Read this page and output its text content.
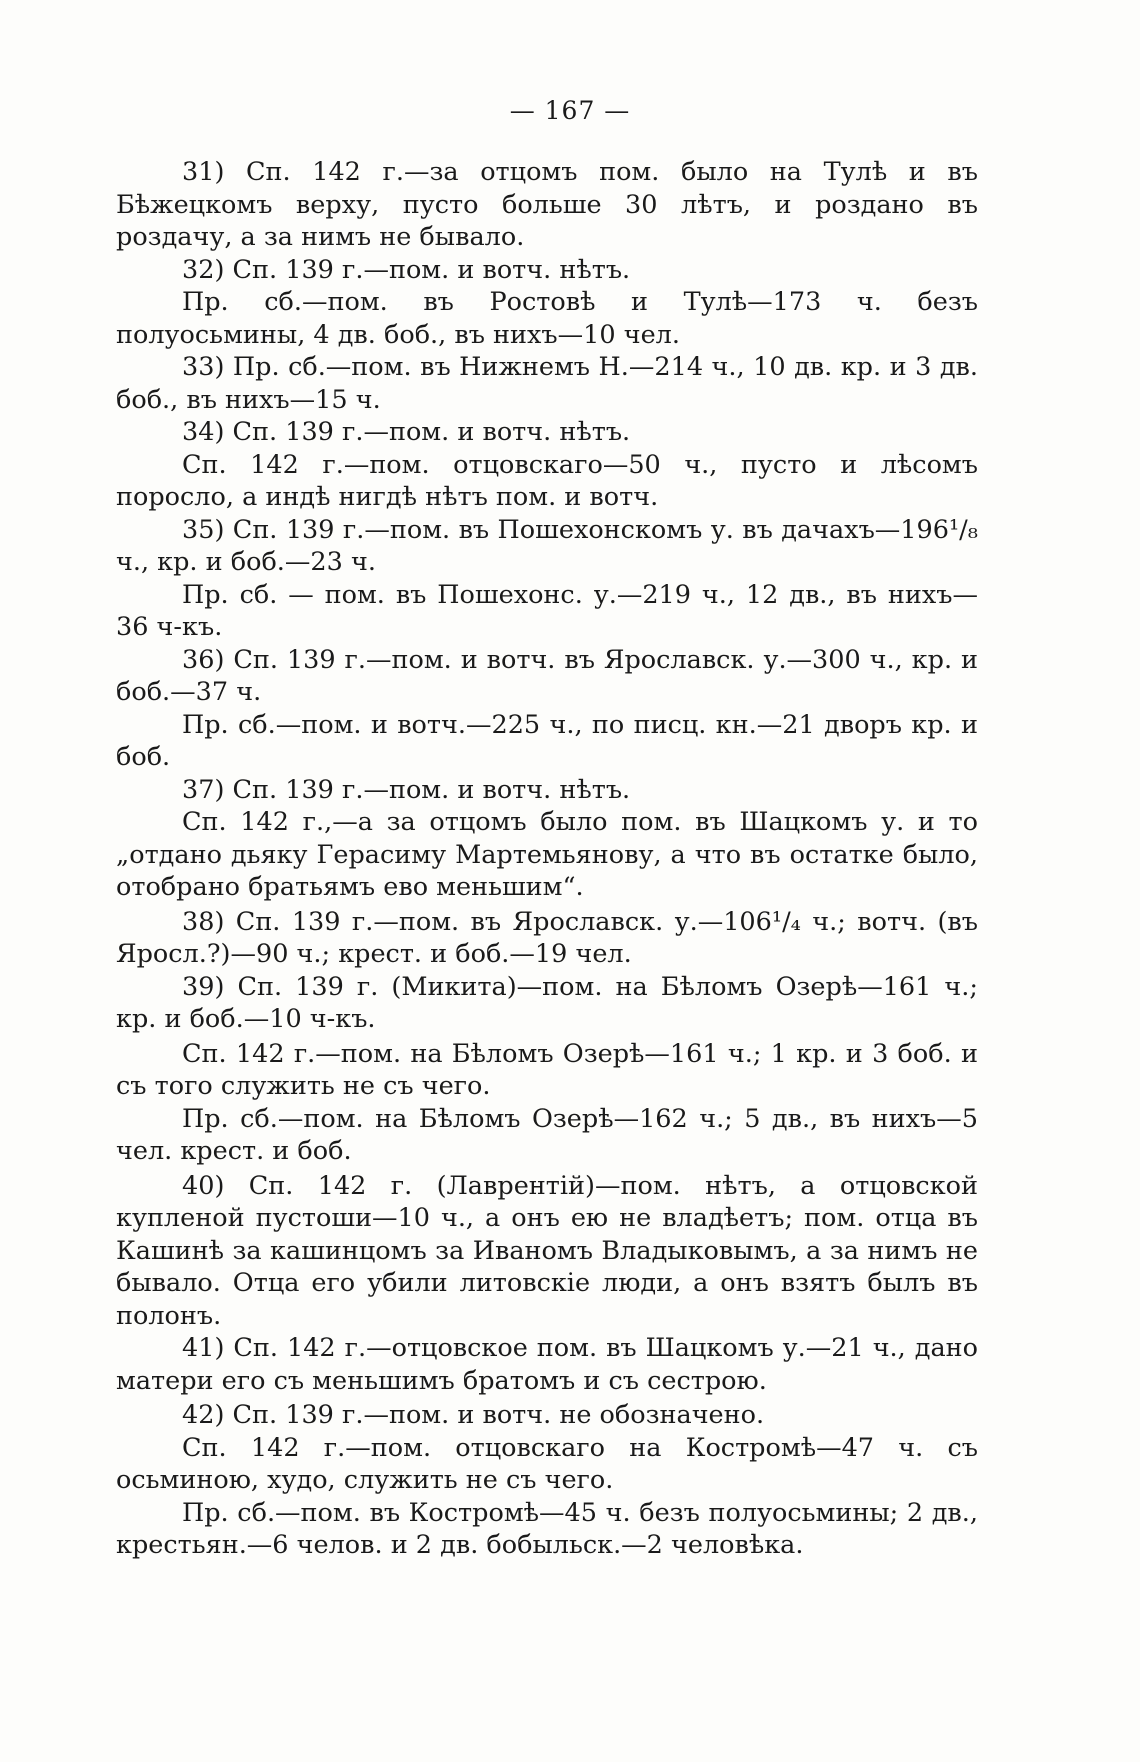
— 167 —

31) Сп. 142 г.—за отцомъ пом. было на Тулѣ и въ Бѣжецкомъ верху, пусто больше 30 лѣтъ, и роздано въ роздачу, а за нимъ не бывало.

32) Сп. 139 г.—пом. и вотч. нѣтъ.

Пр. сб.—пом. въ Ростовѣ и Тулѣ—173 ч. безъ полуосьмины, 4 дв. боб., въ нихъ—10 чел.

33) Пр. сб.—пом. въ Нижнемъ Н.—214 ч., 10 дв. кр. и 3 дв. боб., въ нихъ—15 ч.

34) Сп. 139 г.—пом. и вотч. нѣтъ.

Сп. 142 г.—пом. отцовскаго—50 ч., пусто и лѣсомъ поросло, а индѣ нигдѣ нѣтъ пом. и вотч.

35) Сп. 139 г.—пом. въ Пошехонскомъ у. въ дачахъ—196¹/₈ ч., кр. и боб.—23 ч.

Пр. сб. — пом. въ Пошехонс. у.—219 ч., 12 дв., въ нихъ—36 ч-къ.

36) Сп. 139 г.—пом. и вотч. въ Ярославск. у.—300 ч., кр. и боб.—37 ч.

Пр. сб.—пом. и вотч.—225 ч., по писц. кн.—21 дворъ кр. и боб.

37) Сп. 139 г.—пом. и вотч. нѣтъ.

Сп. 142 г.,—а за отцомъ было пом. въ Шацкомъ у. и то „отдано дьяку Герасиму Мартемьянову, а что въ остатке было, отобрано братьямъ ево меньшим“.

38) Сп. 139 г.—пом. въ Ярославск. у.—106¹/₄ ч.; вотч. (въ Яросл.?)—90 ч.; крест. и боб.—19 чел.

39) Сп. 139 г. (Микита)—пом. на Бѣломъ Озерѣ—161 ч.; кр. и боб.—10 ч-къ.

Сп. 142 г.—пом. на Бѣломъ Озерѣ—161 ч.; 1 кр. и 3 боб. и съ того служить не съ чего.

Пр. сб.—пом. на Бѣломъ Озерѣ—162 ч.; 5 дв., въ нихъ—5 чел. крест. и боб.

40) Сп. 142 г. (Лаврентій)—пом. нѣтъ, а отцовской купленой пустоши—10 ч., а онъ ею не владѣетъ; пом. отца въ Кашинѣ за кашинцомъ за Иваномъ Владыковымъ, а за нимъ не бывало. Отца его убили литовскіе люди, а онъ взятъ былъ въ полонъ.

41) Сп. 142 г.—отцовское пом. въ Шацкомъ у.—21 ч., дано матери его съ меньшимъ братомъ и съ сестрою.

42) Сп. 139 г.—пом. и вотч. не обозначено.

Сп. 142 г.—пом. отцовскаго на Костромѣ—47 ч. съ осьминою, худо, служить не съ чего.

Пр. сб.—пом. въ Костромѣ—45 ч. безъ полуосьмины; 2 дв., крестьян.—6 челов. и 2 дв. бобыльск.—2 человѣка.
